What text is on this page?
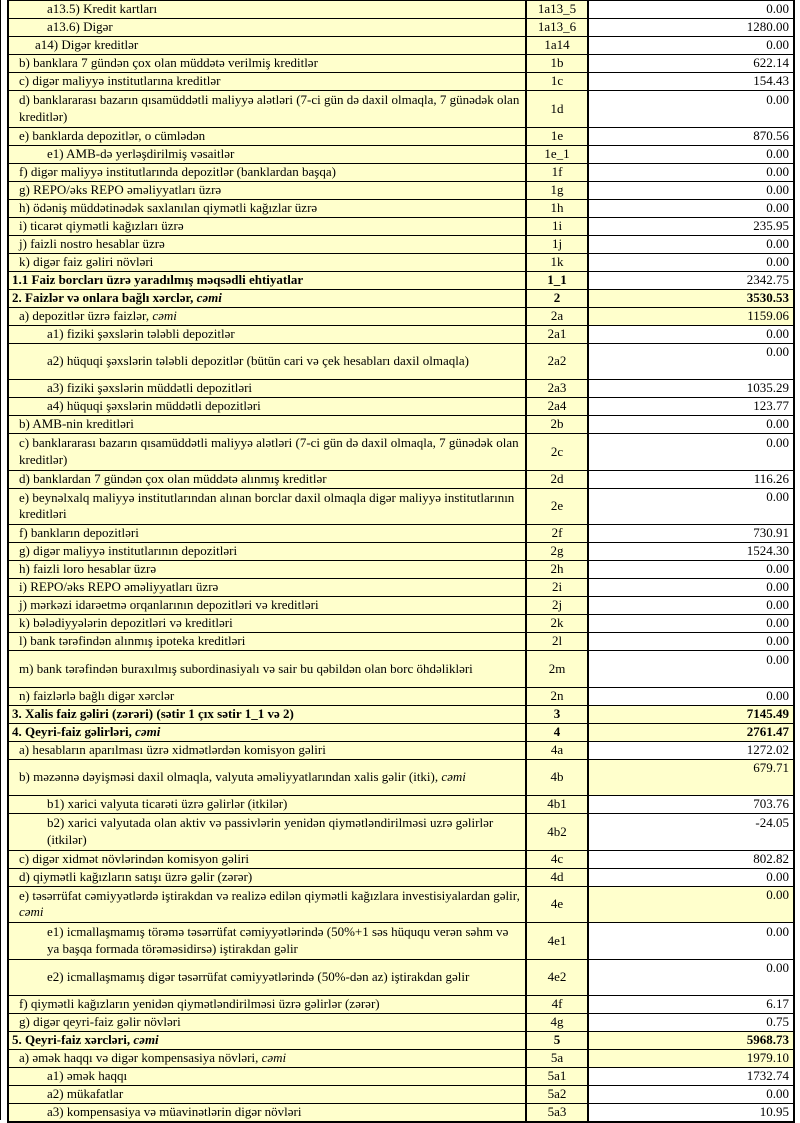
a13.5) Kredit kartları	1a13_5	0.00
a13.6) Digər	1a13_6	1280.00
a14) Digər kreditlər	1a14	0.00
b) banklara 7 gündən çox olan müddətə verilmiş kreditlər	1b	622.14
c) digər maliyyə institutlarına kreditlər	1c	154.43
d) banklararası bazarın qısamüddətli maliyyə alətləri (7-ci gün də daxil olmaqla, 7 günədək olan kreditlər)	1d	0.00
e) banklarda depozitlər, o cümlədən	1e	870.56
e1) AMB-də yerləşdirilmiş vəsaitlər	1e_1	0.00
f) digər maliyyə institutlarında depozitlər (banklardan başqa)	1f	0.00
g) REPO/əks REPO əməliyyatları üzrə	1g	0.00
h) ödəniş müddətinədək saxlanılan qiymətli kağızlar üzrə	1h	0.00
i) ticarət qiymətli kağızları üzrə	1i	235.95
j) faizli nostro hesablar üzrə	1j	0.00
k) digər faiz gəliri növləri	1k	0.00
1.1 Faiz borcları üzrə yaradılmış məqsədli ehtiyatlar	1_1	2342.75
2. Faizlər və onlara bağlı xərclər, cəmi	2	3530.53
a) depozitlər üzrə faizlər, cəmi	2a	1159.06
a1) fiziki şəxslərin tələbli depozitlər	2a1	0.00
a2) hüquqi şəxslərin tələbli depozitlər (bütün cari və çek hesabları daxil olmaqla)	2a2	0.00
a3) fiziki şəxslərin müddətli depozitləri	2a3	1035.29
a4) hüquqi şəxslərin müddətli depozitləri	2a4	123.77
b) AMB-nin kreditləri	2b	0.00
c) banklararası bazarın qısamüddətli maliyyə alətləri (7-ci gün də daxil olmaqla, 7 günədək olan kreditlər)	2c	0.00
d) banklardan 7 gündən çox olan müddətə alınmış kreditlər	2d	116.26
e) beynəlxalq maliyyə institutlarından alınan borclar daxil olmaqla digər maliyyə institutlarının kreditləri	2e	0.00
f) bankların depozitləri	2f	730.91
g) digər maliyyə institutlarının depozitləri	2g	1524.30
h) faizli loro hesablar üzrə	2h	0.00
i) REPO/əks REPO əməliyyatları üzrə	2i	0.00
j) mərkəzi idarəetmə orqanlarının depozitləri və kreditləri	2j	0.00
k) bələdiyyələrin depozitləri və kreditləri	2k	0.00
l) bank tərəfindən alınmış ipoteka kreditləri	2l	0.00
m) bank tərəfindən buraxılmış subordinasiyalı və sair bu qəbildən olan borc öhdəlikləri	2m	0.00
n) faizlərlə bağlı digər xərclər	2n	0.00
3. Xalis faiz gəliri (zərəri) (sətir 1 çıx sətir 1_1 və 2)	3	7145.49
4. Qeyri-faiz gəlirləri, cəmi	4	2761.47
a) hesabların aparılması üzrə xidmətlərdən komisyon gəliri	4a	1272.02
b) məzənnə dəyişməsi daxil olmaqla, valyuta əməliyyatlarından xalis gəlir (itki), cəmi	4b	679.71
b1) xarici valyuta ticarəti üzrə gəlirlər (itkilər)	4b1	703.76
b2) xarici valyutada olan aktiv və passivlərin yenidən qiymətləndirilməsi uzrə gəlirlər (itkilər)	4b2	-24.05
c) digər xidmət növlərindən komisyon gəliri	4c	802.82
d) qiymətli kağızların satışı üzrə gəlir (zərər)	4d	0.00
e) təsərrüfat cəmiyyətlərdə iştirakdan və realizə edilən qiymətli kağızlara investisiyalardan gəlir, cəmi	4e	0.00
e1) icmallaşmamış törəmə təsərrüfat cəmiyyətlərində (50%+1 səs hüququ verən səhm və ya başqa formada törəməsidirsə) iştirakdan gəlir	4e1	0.00
e2) icmallaşmamış digər təsərrüfat cəmiyyətlərində (50%-dən az) iştirakdan gəlir	4e2	0.00
f) qiymətli kağızların yenidən qiymətləndirilməsi üzrə gəlirlər (zərər)	4f	6.17
g) digər qeyri-faiz gəlir növləri	4g	0.75
5. Qeyri-faiz xərcləri, cəmi	5	5968.73
a) əmək haqqı və digər kompensasiya növləri, cəmi	5a	1979.10
a1) əmək haqqı	5a1	1732.74
a2) mükafatlar	5a2	0.00
a3) kompensasiya və müavinətlərin digər növləri	5a3	10.95
